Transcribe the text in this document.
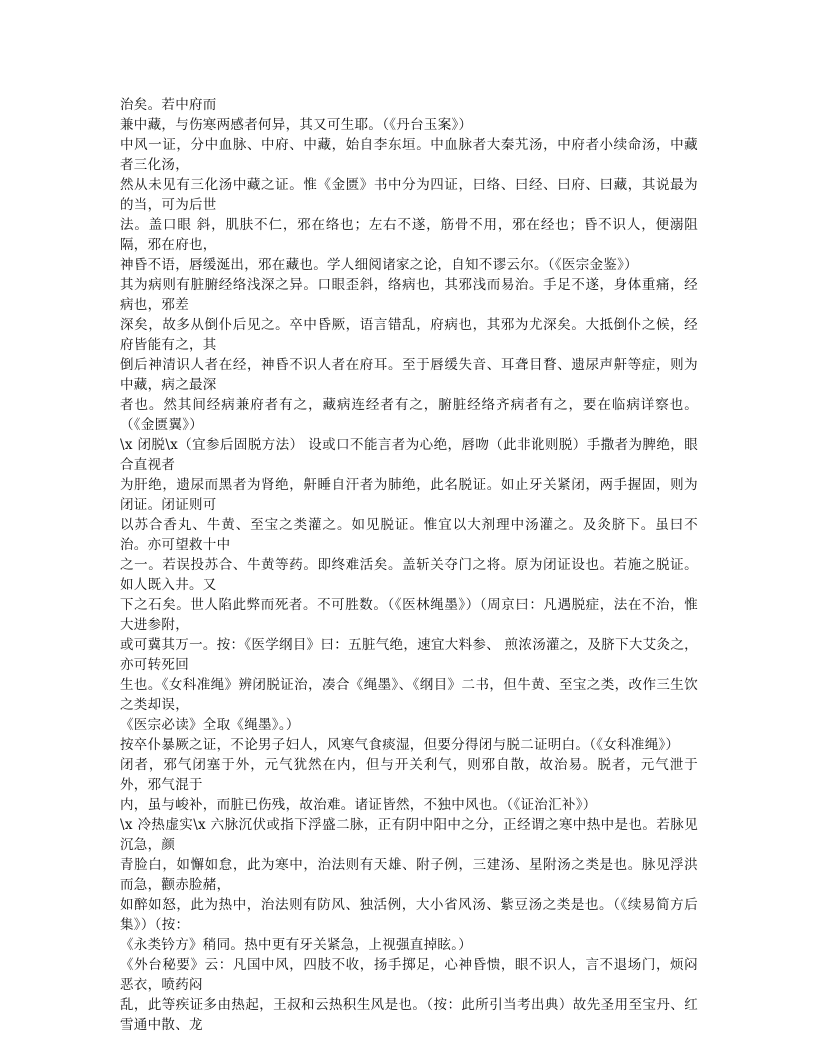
治矣。若中府而

兼中藏，与伤寒两感者何异，其又可生耶。（《丹台玉案》）

中风一证，分中血脉、中府、中藏，始自李东垣。中血脉者大秦艽汤，中府者小续命汤，中藏者三化汤，

然从未见有三化汤中藏之证。惟《金匮》书中分为四证，曰络、曰经、曰府、曰藏，其说最为的当，可为后世

法。盖口眼 斜，肌肤不仁，邪在络也；左右不遂，筋骨不用，邪在经也；昏不识人，便溺阻隔，邪在府也，

神昏不语，唇缓涎出，邪在藏也。学人细阅诸家之论，自知不谬云尔。（《医宗金鉴》）

其为病则有脏腑经络浅深之异。口眼歪斜，络病也，其邪浅而易治。手足不遂，身体重痛，经病也，邪差

深矣，故多从倒仆后见之。卒中昏厥，语言错乱，府病也，其邪为尤深矣。大抵倒仆之候，经府皆能有之，其

倒后神清识人者在经，神昏不识人者在府耳。至于唇缓失音、耳聋目瞀、遗尿声鼾等症，则为中藏，病之最深

者也。然其间经病兼府者有之，藏病连经者有之，腑脏经络齐病者有之，要在临病详察也。（《金匮翼》）

\x 闭脱\x（宜参后固脱方法） 设或口不能言者为心绝，唇吻（此非讹则脱）手撒者为脾绝，眼合直视者

为肝绝，遗尿而黑者为肾绝，鼾睡自汗者为肺绝，此名脱证。如止牙关紧闭，两手握固，则为闭证。闭证则可

以苏合香丸、牛黄、至宝之类灌之。如见脱证。惟宜以大剂理中汤灌之。及灸脐下。虽曰不治。亦可望救十中

之一。若误投苏合、牛黄等药。即终难活矣。盖斩关夺门之将。原为闭证设也。若施之脱证。如人既入井。又

下之石矣。世人陷此弊而死者。不可胜数。（《医林绳墨》）（周京曰：凡遇脱症，法在不治，惟大进参附，

或可冀其万一。按：《医学纲目》曰：五脏气绝，速宜大料参、 煎浓汤灌之，及脐下大艾灸之，亦可转死回

生也。《女科准绳》辨闭脱证治，凑合《绳墨》、《纲目》二书，但牛黄、至宝之类，改作三生饮之类却误，

《医宗必读》全取《绳墨》。）

按卒仆暴厥之证，不论男子妇人，风寒气食痰湿，但要分得闭与脱二证明白。（《女科准绳》）

闭者，邪气闭塞于外，元气犹然在内，但与开关利气，则邪自散，故治易。脱者，元气泄于外，邪气混于

内，虽与峻补，而脏已伤残，故治难。诸证皆然，不独中风也。（《证治汇补》）

\x 冷热虚实\x 六脉沉伏或指下浮盛二脉，正有阴中阳中之分，正经谓之寒中热中是也。若脉见沉急，颜

青脸白，如懈如怠，此为寒中，治法则有天雄、附子例，三建汤、星附汤之类是也。脉见浮洪而急，颧赤脸赭，

如醉如怒，此为热中，治法则有防风、独活例，大小省风汤、紫豆汤之类是也。（《续易简方后集》）（按：

《永类钤方》稍同。热中更有牙关紧急，上视强直掉眩。）

《外台秘要》云：凡国中风，四肢不收，扬手掷足，心神昏愦，眼不识人，言不退场门，烦闷恶衣，喷药闷

乱，此等疾证多由热起，王叔和云热积生风是也。（按：此所引当考出典）故先圣用至宝丹、红雪通中散、龙
